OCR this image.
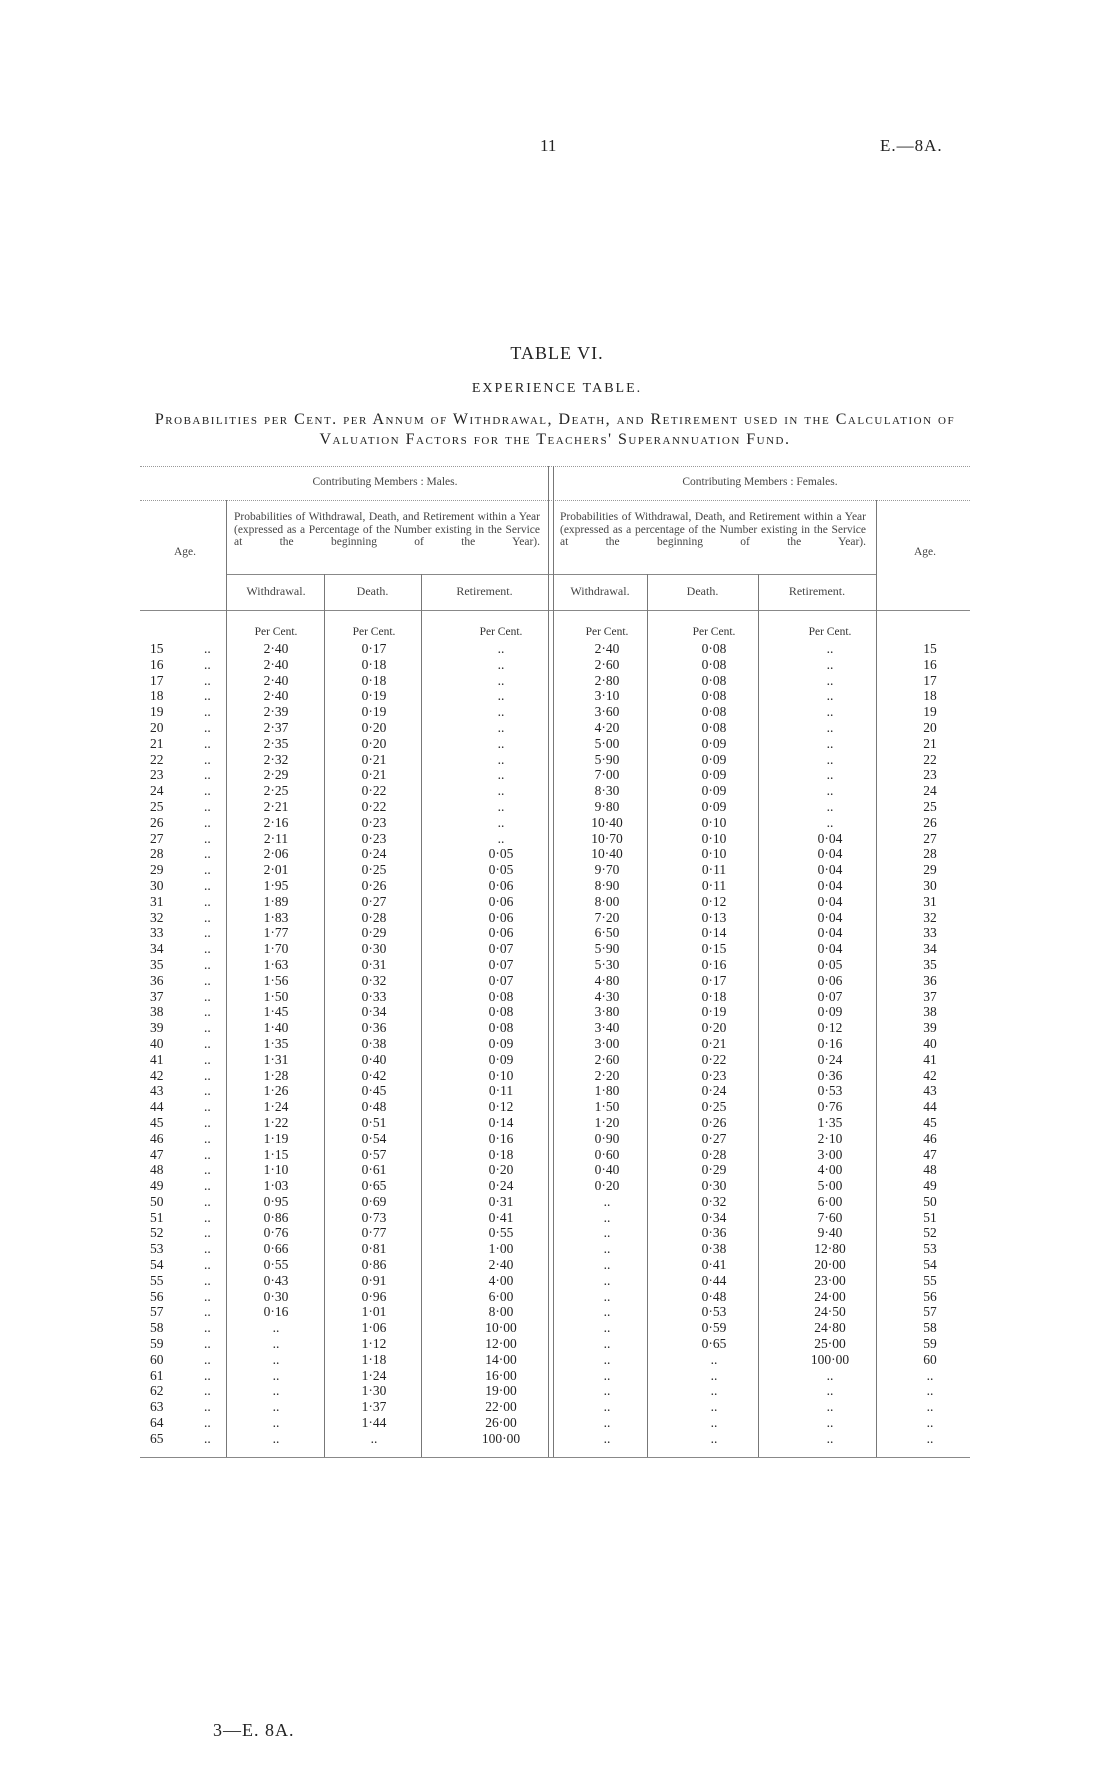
11	E.—8A.
TABLE VI.
EXPERIENCE TABLE.
Probabilities per Cent. per Annum of Withdrawal, Death, and Retirement used in the Calculation of Valuation Factors for the Teachers' Superannuation Fund.
Contributing Members : Males.	Contributing Members : Females.
Age.	Age.
Probabilities of Withdrawal, Death, and Retirement within a Year (expressed as a Percentage of the Number existing in the Service at the beginning of the Year).
Probabilities of Withdrawal, Death, and Retirement within a Year (expressed as a percentage of the Number existing in the Service at the beginning of the Year).
Withdrawal.	Death.	Retirement.	Withdrawal.	Death.	Retirement.
Per Cent.	Per Cent.	Per Cent.	Per Cent.	Per Cent.	Per Cent.
15	..	2·40	0·17	..	2·40	0·08	..	15
16	..	2·40	0·18	..	2·60	0·08	..	16
17	..	2·40	0·18	..	2·80	0·08	..	17
18	..	2·40	0·19	..	3·10	0·08	..	18
19	..	2·39	0·19	..	3·60	0·08	..	19
20	..	2·37	0·20	..	4·20	0·08	..	20
21	..	2·35	0·20	..	5·00	0·09	..	21
22	..	2·32	0·21	..	5·90	0·09	..	22
23	..	2·29	0·21	..	7·00	0·09	..	23
24	..	2·25	0·22	..	8·30	0·09	..	24
25	..	2·21	0·22	..	9·80	0·09	..	25
26	..	2·16	0·23	..	10·40	0·10	..	26
27	..	2·11	0·23	..	10·70	0·10	0·04	27
28	..	2·06	0·24	0·05	10·40	0·10	0·04	28
29	..	2·01	0·25	0·05	9·70	0·11	0·04	29
30	..	1·95	0·26	0·06	8·90	0·11	0·04	30
31	..	1·89	0·27	0·06	8·00	0·12	0·04	31
32	..	1·83	0·28	0·06	7·20	0·13	0·04	32
33	..	1·77	0·29	0·06	6·50	0·14	0·04	33
34	..	1·70	0·30	0·07	5·90	0·15	0·04	34
35	..	1·63	0·31	0·07	5·30	0·16	0·05	35
36	..	1·56	0·32	0·07	4·80	0·17	0·06	36
37	..	1·50	0·33	0·08	4·30	0·18	0·07	37
38	..	1·45	0·34	0·08	3·80	0·19	0·09	38
39	..	1·40	0·36	0·08	3·40	0·20	0·12	39
40	..	1·35	0·38	0·09	3·00	0·21	0·16	40
41	..	1·31	0·40	0·09	2·60	0·22	0·24	41
42	..	1·28	0·42	0·10	2·20	0·23	0·36	42
43	..	1·26	0·45	0·11	1·80	0·24	0·53	43
44	..	1·24	0·48	0·12	1·50	0·25	0·76	44
45	..	1·22	0·51	0·14	1·20	0·26	1·35	45
46	..	1·19	0·54	0·16	0·90	0·27	2·10	46
47	..	1·15	0·57	0·18	0·60	0·28	3·00	47
48	..	1·10	0·61	0·20	0·40	0·29	4·00	48
49	..	1·03	0·65	0·24	0·20	0·30	5·00	49
50	..	0·95	0·69	0·31	..	0·32	6·00	50
51	..	0·86	0·73	0·41	..	0·34	7·60	51
52	..	0·76	0·77	0·55	..	0·36	9·40	52
53	..	0·66	0·81	1·00	..	0·38	12·80	53
54	..	0·55	0·86	2·40	..	0·41	20·00	54
55	..	0·43	0·91	4·00	..	0·44	23·00	55
56	..	0·30	0·96	6·00	..	0·48	24·00	56
57	..	0·16	1·01	8·00	..	0·53	24·50	57
58	..	..	1·06	10·00	..	0·59	24·80	58
59	..	..	1·12	12·00	..	0·65	25·00	59
60	..	..	1·18	14·00	..	..	100·00	60
61	..	..	1·24	16·00	..	..	..	..
62	..	..	1·30	19·00	..	..	..	..
63	..	..	1·37	22·00	..	..	..	..
64	..	..	1·44	26·00	..	..	..	..
65	..	..	..	100·00	..	..	..	..
3—E. 8A.
